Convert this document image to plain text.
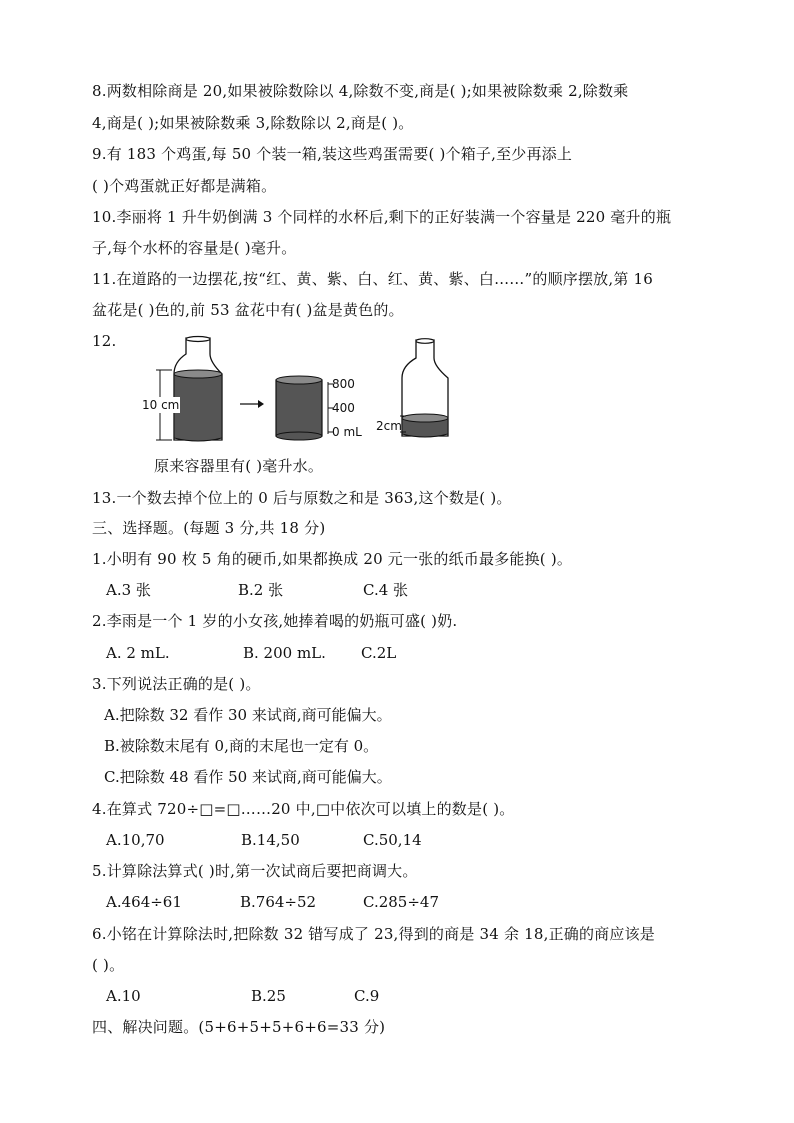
8.两数相除商是 20,如果被除数除以 4,除数不变,商是( );如果被除数乘 2,除数乘
4,商是( );如果被除数乘 3,除数除以 2,商是( )。
9.有 183 个鸡蛋,每 50 个装一箱,装这些鸡蛋需要( )个箱子,至少再添上
( )个鸡蛋就正好都是满箱。
10.李丽将 1 升牛奶倒满 3 个同样的水杯后,剩下的正好装满一个容量是 220 毫升的瓶
子,每个水杯的容量是( )毫升。
11.在道路的一边摆花,按“红、黄、紫、白、红、黄、紫、白……”的顺序摆放,第 16
盆花是( )色的,前 53 盆花中有( )盆是黄色的。
12.
10 cm
800
400
0 mL 2cm
原来容器里有( )毫升水。
13.一个数去掉个位上的 0 后与原数之和是 363,这个数是( )。
三、选择题。(每题 3 分,共 18 分)
1.小明有 90 枚 5 角的硬币,如果都换成 20 元一张的纸币最多能换( )。
A.3 张	B.2 张	C.4 张
2.李雨是一个 1 岁的小女孩,她捧着喝的奶瓶可盛( )奶.
A. 2 mL.	B. 200 mL. C.2L
3.下列说法正确的是( )。
A.把除数 32 看作 30 来试商,商可能偏大。
B.被除数末尾有 0,商的末尾也一定有 0。
C.把除数 48 看作 50 来试商,商可能偏大。
4.在算式 720÷□=□……20 中,□中依次可以填上的数是( )。
A.10,70	B.14,50	C.50,14
5.计算除法算式( )时,第一次试商后要把商调大。
A.464÷61	B.764÷52	C.285÷47
6.小铭在计算除法时,把除数 32 错写成了 23,得到的商是 34 余 18,正确的商应该是
( )。
A.10	B.25	C.9
四、解决问题。(5+6+5+5+6+6=33 分)
